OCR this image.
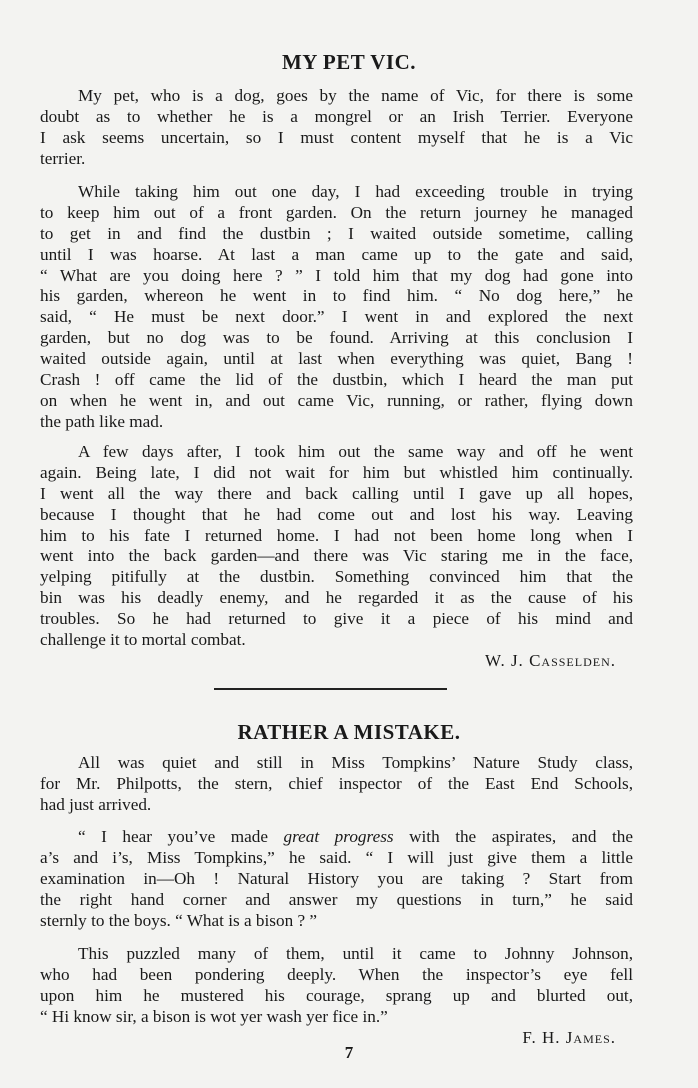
MY PET VIC.
My pet, who is a dog, goes by the name of Vic, for there is some
doubt as to whether he is a mongrel or an Irish Terrier. Everyone
I ask seems uncertain, so I must content myself that he is a Vic
terrier.
While taking him out one day, I had exceeding trouble in trying
to keep him out of a front garden. On the return journey he managed
to get in and find the dustbin ; I waited outside sometime, calling
until I was hoarse. At last a man came up to the gate and said,
“ What are you doing here ? ” I told him that my dog had gone into
his garden, whereon he went in to find him. “ No dog here,” he
said, “ He must be next door.” I went in and explored the next
garden, but no dog was to be found. Arriving at this conclusion I
waited outside again, until at last when everything was quiet, Bang !
Crash ! off came the lid of the dustbin, which I heard the man put
on when he went in, and out came Vic, running, or rather, flying down
the path like mad.
A few days after, I took him out the same way and off he went
again. Being late, I did not wait for him but whistled him continually.
I went all the way there and back calling until I gave up all hopes,
because I thought that he had come out and lost his way. Leaving
him to his fate I returned home. I had not been home long when I
went into the back garden—and there was Vic staring me in the face,
yelping pitifully at the dustbin. Something convinced him that the
bin was his deadly enemy, and he regarded it as the cause of his
troubles. So he had returned to give it a piece of his mind and
challenge it to mortal combat.
W. J. Casselden.
RATHER A MISTAKE.
All was quiet and still in Miss Tompkins’ Nature Study class,
for Mr. Philpotts, the stern, chief inspector of the East End Schools,
had just arrived.
“ I hear you’ve made great progress with the aspirates, and the
a’s and i’s, Miss Tompkins,” he said. “ I will just give them a little
examination in—Oh ! Natural History you are taking ? Start from
the right hand corner and answer my questions in turn,” he said
sternly to the boys. “ What is a bison ? ”
This puzzled many of them, until it came to Johnny Johnson,
who had been pondering deeply. When the inspector’s eye fell
upon him he mustered his courage, sprang up and blurted out,
“ Hi know sir, a bison is wot yer wash yer fice in.”
F. H. James.
7
